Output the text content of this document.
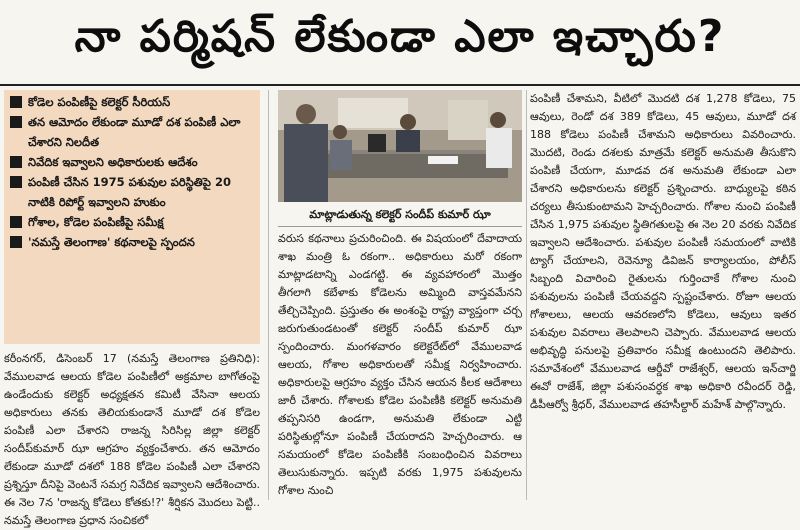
నా పర్మిషన్ లేకుండా ఎలా ఇచ్చారు?
కోడెల పంపిణీపై కలెక్టర్ సీరియస్
తన ఆమోదం లేకుండా మూడో దశ పంపిణీ ఎలా చేశారని నిలదీత
నివేదిక ఇవ్వాలని అధికారులకు ఆదేశం
పంపిణీ చేసిన 1975 పశువుల పరిస్థితిపై 20 నాటికి రిపోర్ట్ ఇవ్వాలని హుకుం
గోశాల, కోడెల పంపిణీపై సమీక్ష
'నమస్తే తెలంగాణ' కథనాలపై స్పందన
మాట్లాడుతున్న కలెక్టర్ సందీప్ కుమార్ ఝా

కరీంనగర్, డిసెంబర్ 17 (నమస్తే తెలంగాణ ప్రతినిధి): వేములవాడ ఆలయ కోడెల పంపిణీలో అక్రమాల బాగోతంపై ఉండేందుకు కలెక్టర్ అధ్యక్షతన కమిటీ వేసినా ఆలయ అధికారులు తనకు తెలియకుండానే మూడో దశ కోడెల పంపిణీ ఎలా చేశారని రాజన్న సిరిసిల్ల జిల్లా కలెక్టర్ సందీప్‌కుమార్ ఝా ఆగ్రహం వ్యక్తంచేశారు. తన ఆమోదం లేకుండా మూడో దశలో 188 కోడెల పంపిణీ ఎలా చేశారని ప్రశ్నిస్తూ దీనిపై వెంటనే సమగ్ర నివేదిక ఇవ్వాలని ఆదేశించారు. ఈ నెల 7న 'రాజన్న కోడెలు కోతకు!?' శీర్షికన మొదలు పెట్టి.. నమస్తే తెలంగాణ ప్రధాన సంచికలో

వరుస కథనాలు ప్రచురించింది. ఈ విషయంలో దేవాదాయ శాఖ మంత్రి ఓ రకంగా.. అధికారులు మరో రకంగా మాట్లాడటాన్ని ఎండగట్టి. ఈ వ్యవహారంలో మొత్తం తీగలాగి కబేళాకు కోడెలను అమ్మింది వాస్తవమేనని తేల్చిచెప్పింది. ప్రస్తుతం ఈ అంశంపై రాష్ట్ర వ్యాప్తంగా చర్చ జరుగుతుండటంతో కలెక్టర్ సందీప్ కుమార్ ఝా స్పందించారు. మంగళవారం కలెక్టరేట్‌లో వేములవాడ ఆలయ, గోశాల అధికారులతో సమీక్ష నిర్వహించారు. అధికారులపై ఆగ్రహం వ్యక్తం చేసిన ఆయన కీలక ఆదేశాలు జారీ చేశారు. గోశాలకు కోడెల పంపిణీకి కలెక్టర్ అనుమతి తప్పనిసరి ఉండగా, అనుమతి లేకుండా ఎట్టి పరిస్థితుల్లోనూ పంపిణీ చేయరాదని హెచ్చరించారు. ఆ సమయంలో కోడెల పంపిణీకి సంబంధించిన వివరాలు తెలుసుకున్నారు. ఇప్పటి వరకు 1,975 పశువులను గోశాల నుంచి

పంపిణీ చేశామని, వీటిలో మొదటి దశ 1,278 కోడెలు, 75 ఆవులు, రెండో దశ 389 కోడెలు, 45 ఆవులు, మూడో దశ 188 కోడెలు పంపిణీ చేశామని అధికారులు వివరించారు. మొదటి, రెండు దశలకు మాత్రమే కలెక్టర్ అనుమతి తీసుకొని పంపిణీ చేయగా, మూడవ దశ అనుమతి లేకుండా ఎలా చేశారని అధికారులను కలెక్టర్ ప్రశ్నించారు. బాధ్యులపై కఠిన చర్యలు తీసుకుంటామని హెచ్చరించారు. గోశాల నుంచి పంపిణీ చేసిన 1,975 పశువుల స్థితిగతులపై ఈ నెల 20 వరకు నివేదిక ఇవ్వాలని ఆదేశించారు. పశువుల పంపిణీ సమయంలో వాటికి ట్యాగ్ చేయాలని, రెవెన్యూ డివిజన్ కార్యాలయం, పోలీస్ సిబ్బంది విచారించి రైతులను గుర్తించాకే గోశాల నుంచి పశువులను పంపిణీ చేయవద్దని స్పష్టంచేశారు. రోజూ ఆలయ గోశాలలు, ఆలయ ఆవరణలోని కోడెలు, ఆవులు ఇతర పశువుల వివరాలు తెలపాలని చెప్పారు. వేములవాడ ఆలయ అభివృద్ధి పనులపై ప్రతివారం సమీక్ష ఉంటుందని తెలిపారు. సమావేశంలో వేములవాడ ఆర్డీవో రాజేశ్వర్, ఆలయ ఇన్‌చార్జి ఈవో రాజేశ్, జిల్లా పశుసంవర్ధక శాఖ అధికారి రవీందర్ రెడ్డి, డీపీఆర్వో శ్రీధర్, వేములవాడ తహసీల్దార్ మహేశ్ పాల్గొన్నారు.
